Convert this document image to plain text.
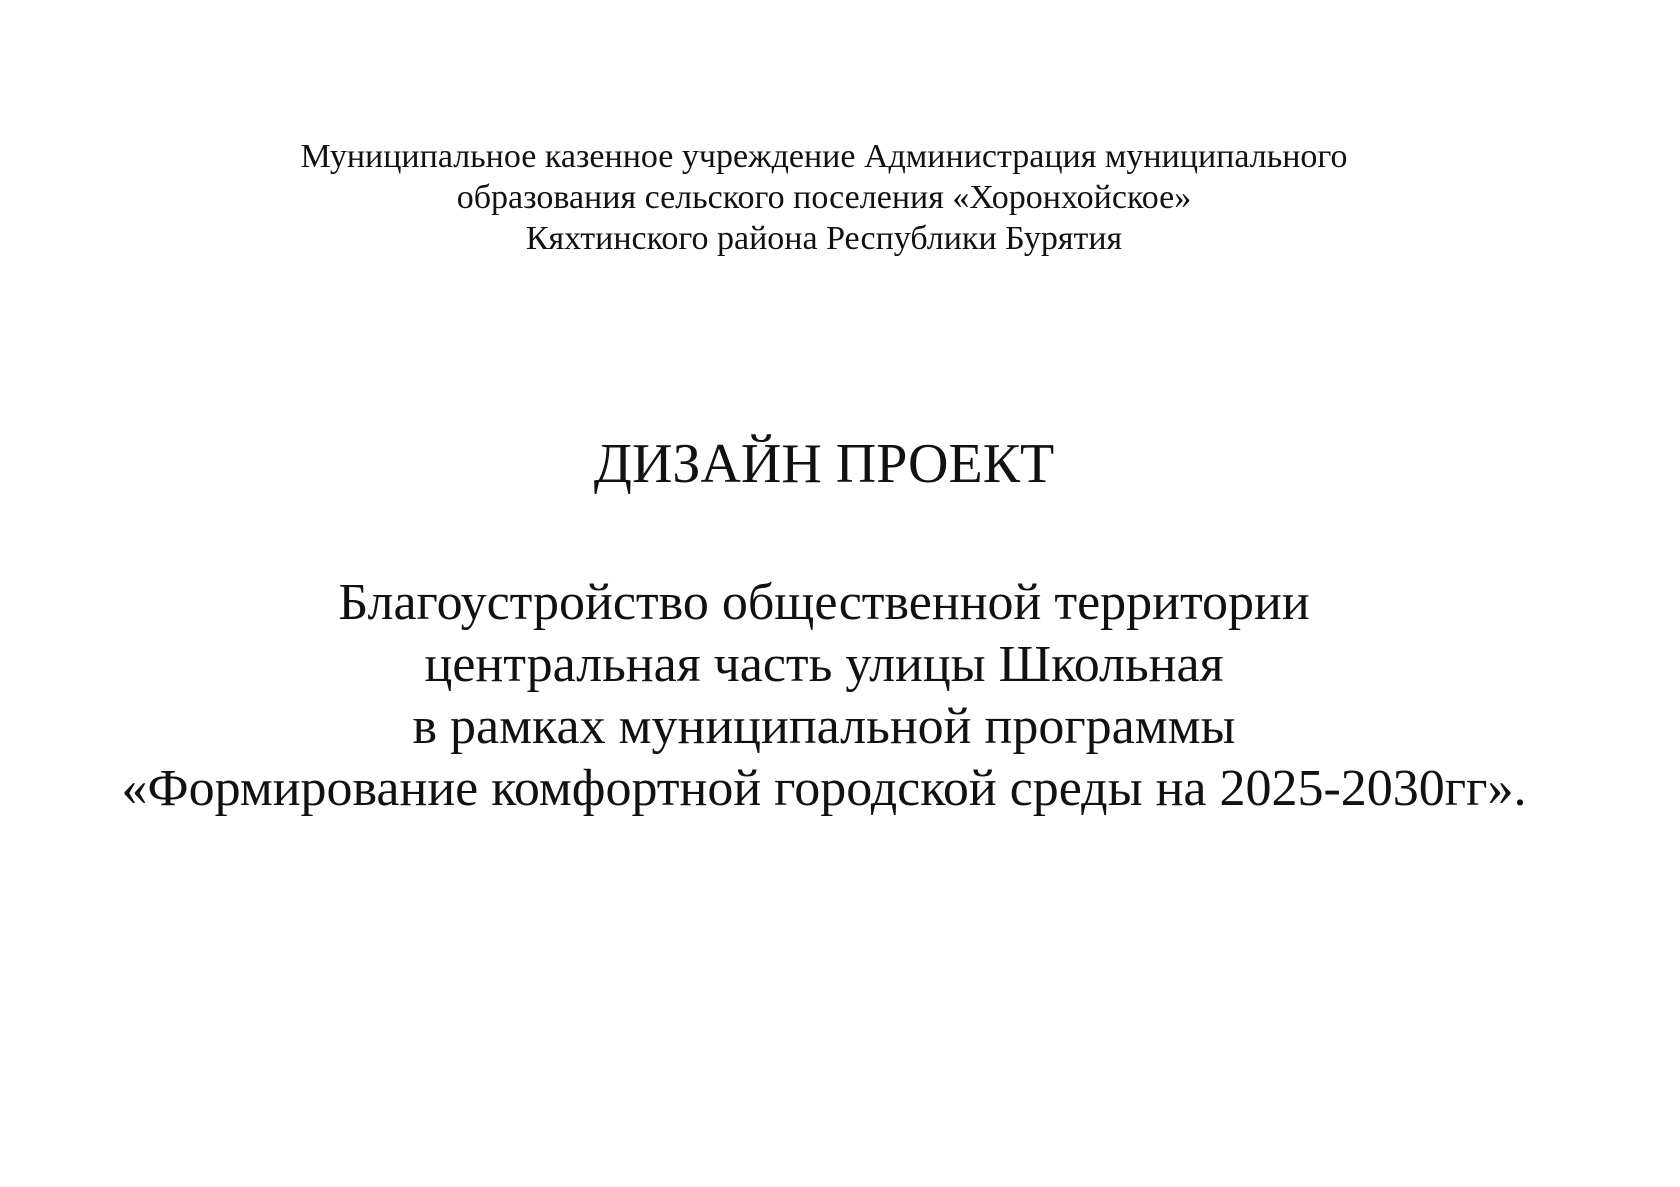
Муниципальное казенное учреждение Администрация муниципального
образования сельского поселения «Хоронхойское»
Кяхтинского района Республики Бурятия
ДИЗАЙН ПРОЕКТ
Благоустройство общественной территории
центральная часть улицы Школьная
в рамках муниципальной программы
«Формирование комфортной городской среды на 2025-2030гг».
